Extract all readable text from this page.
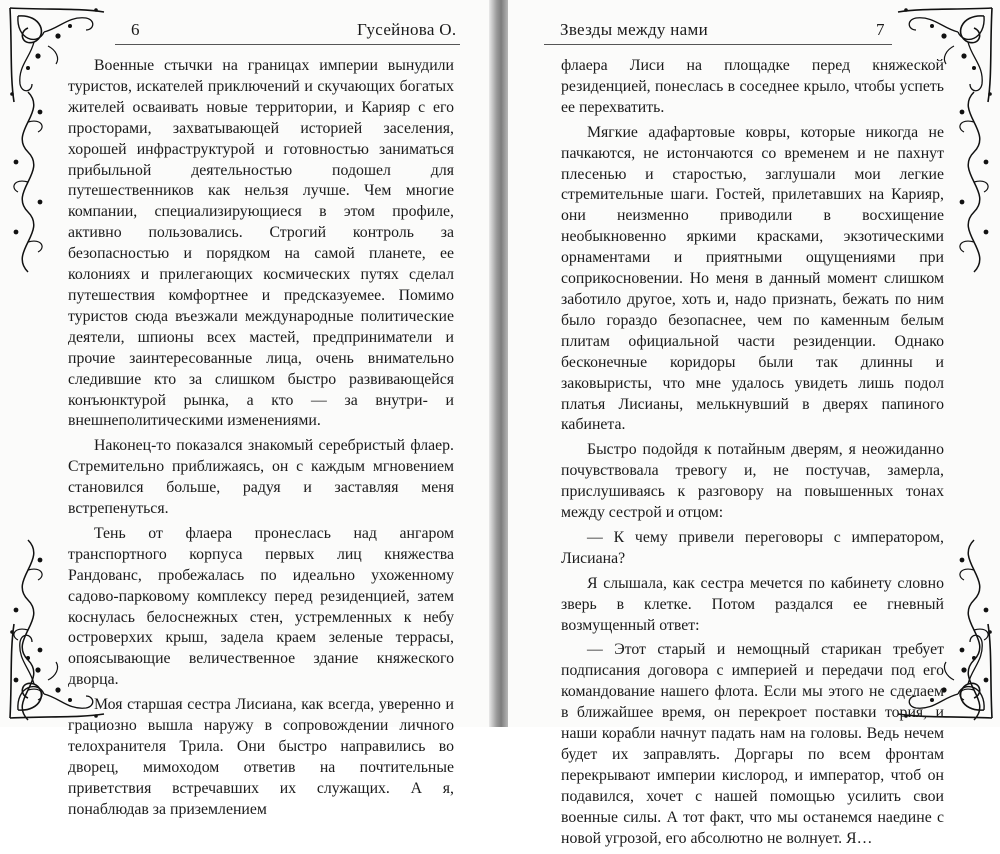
6	Гусейнова О.

Военные стычки на границах империи вынудили туристов, искателей приключений и скучающих богатых жителей осваивать новые территории, и Карияр с его просторами, захватывающей историей заселения, хорошей инфраструктурой и готовностью заниматься прибыльной деятельностью подошел для путешественников как нельзя лучше. Чем многие компании, специализирующиеся в этом профиле, активно пользовались. Строгий контроль за безопасностью и порядком на самой планете, ее колониях и прилегающих космических путях сделал путешествия комфортнее и предсказуемее. Помимо туристов сюда въезжали международные политические деятели, шпионы всех мастей, предприниматели и прочие заинтересованные лица, очень внимательно следившие кто за слишком быстро развивающейся конъюнктурой рынка, а кто — за внутри- и внешнеполитическими изменениями.

Наконец-то показался знакомый серебристый флаер. Стремительно приближаясь, он с каждым мгновением становился больше, радуя и заставляя меня встрепенуться.

Тень от флаера пронеслась над ангаром транспортного корпуса первых лиц княжества Рандованс, пробежалась по идеально ухоженному садово-парковому комплексу перед резиденцией, затем коснулась белоснежных стен, устремленных к небу островерхих крыш, задела краем зеленые террасы, опоясывающие величественное здание княжеского дворца.

Моя старшая сестра Лисиана, как всегда, уверенно и грациозно вышла наружу в сопровождении личного телохранителя Трила. Они быстро направились во дворец, мимоходом ответив на почтительные приветствия встречавших их служащих. А я, понаблюдав за приземлением

Звезды между нами	7

флаера Лиси на площадке перед княжеской резиденцией, понеслась в соседнее крыло, чтобы успеть ее перехватить.

Мягкие адафартовые ковры, которые никогда не пачкаются, не истончаются со временем и не пахнут плесенью и старостью, заглушали мои легкие стремительные шаги. Гостей, прилетавших на Карияр, они неизменно приводили в восхищение необыкновенно яркими красками, экзотическими орнаментами и приятными ощущениями при соприкосновении. Но меня в данный момент слишком заботило другое, хоть и, надо признать, бежать по ним было гораздо безопаснее, чем по каменным белым плитам официальной части резиденции. Однако бесконечные коридоры были так длинны и заковыристы, что мне удалось увидеть лишь подол платья Лисианы, мелькнувший в дверях папиного кабинета.

Быстро подойдя к потайным дверям, я неожиданно почувствовала тревогу и, не постучав, замерла, прислушиваясь к разговору на повышенных тонах между сестрой и отцом:

— К чему привели переговоры с императором, Лисиана?

Я слышала, как сестра мечется по кабинету словно зверь в клетке. Потом раздался ее гневный возмущенный ответ:

— Этот старый и немощный старикан требует подписания договора с империей и передачи под его командование нашего флота. Если мы этого не сделаем в ближайшее время, он перекроет поставки тория, и наши корабли начнут падать нам на головы. Ведь нечем будет их заправлять. Доргары по всем фронтам перекрывают империи кислород, и император, чтоб он подавился, хочет с нашей помощью усилить свои военные силы. А тот факт, что мы останемся наедине с новой угрозой, его абсолютно не волнует. Я…
